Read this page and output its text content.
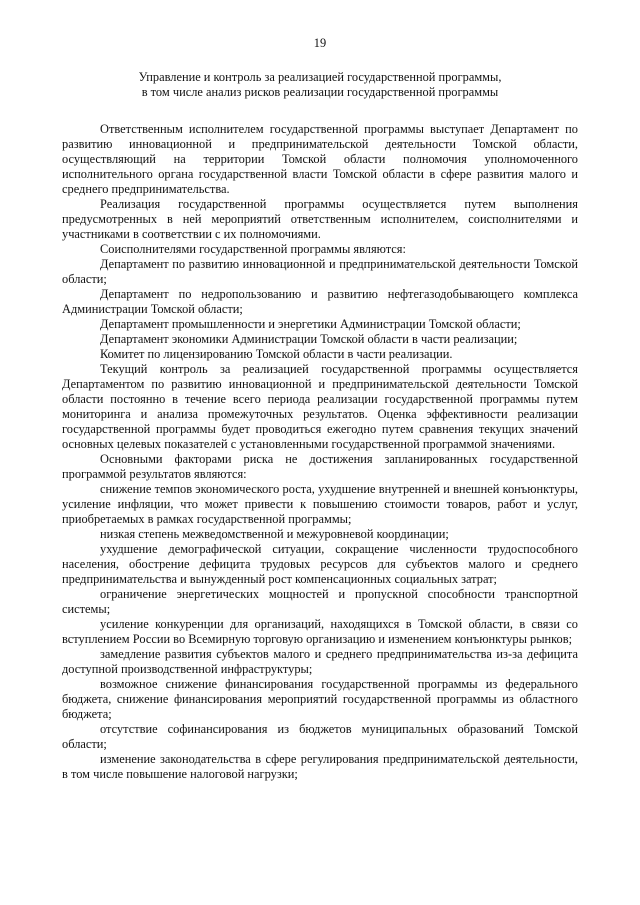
19
Управление и контроль за реализацией государственной программы,
в том числе анализ рисков реализации государственной программы

Ответственным исполнителем государственной программы выступает Департамент по развитию инновационной и предпринимательской деятельности Томской области, осуществляющий на территории Томской области полномочия уполномоченного исполнительного органа государственной власти Томской области в сфере развития малого и среднего предпринимательства.

Реализация государственной программы осуществляется путем выполнения предусмотренных в ней мероприятий ответственным исполнителем, соисполнителями и участниками в соответствии с их полномочиями.

Соисполнителями государственной программы являются:

Департамент по развитию инновационной и предпринимательской деятельности Томской области;

Департамент по недропользованию и развитию нефтегазодобывающего комплекса Администрации Томской области;

Департамент промышленности и энергетики Администрации Томской области;

Департамент экономики Администрации Томской области в части реализации;

Комитет по лицензированию Томской области в части реализации.

Текущий контроль за реализацией государственной программы осуществляется Департаментом по развитию инновационной и предпринимательской деятельности Томской области постоянно в течение всего периода реализации государственной программы путем мониторинга и анализа промежуточных результатов. Оценка эффективности реализации государственной программы будет проводиться ежегодно путем сравнения текущих значений основных целевых показателей с установленными государственной программой значениями.

Основными факторами риска не достижения запланированных государственной программой результатов являются:

снижение темпов экономического роста, ухудшение внутренней и внешней конъюнктуры, усиление инфляции, что может привести к повышению стоимости товаров, работ и услуг, приобретаемых в рамках государственной программы;

низкая степень межведомственной и межуровневой координации;

ухудшение демографической ситуации, сокращение численности трудоспособного населения, обострение дефицита трудовых ресурсов для субъектов малого и среднего предпринимательства и вынужденный рост компенсационных социальных затрат;

ограничение энергетических мощностей и пропускной способности транспортной системы;

усиление конкуренции для организаций, находящихся в Томской области, в связи со вступлением России во Всемирную торговую организацию и изменением конъюнктуры рынков;

замедление развития субъектов малого и среднего предпринимательства из-за дефицита доступной производственной инфраструктуры;

возможное снижение финансирования государственной программы из федерального бюджета, снижение финансирования мероприятий государственной программы из областного бюджета;

отсутствие софинансирования из бюджетов муниципальных образований Томской области;

изменение законодательства в сфере регулирования предпринимательской деятельности, в том числе повышение налоговой нагрузки;
